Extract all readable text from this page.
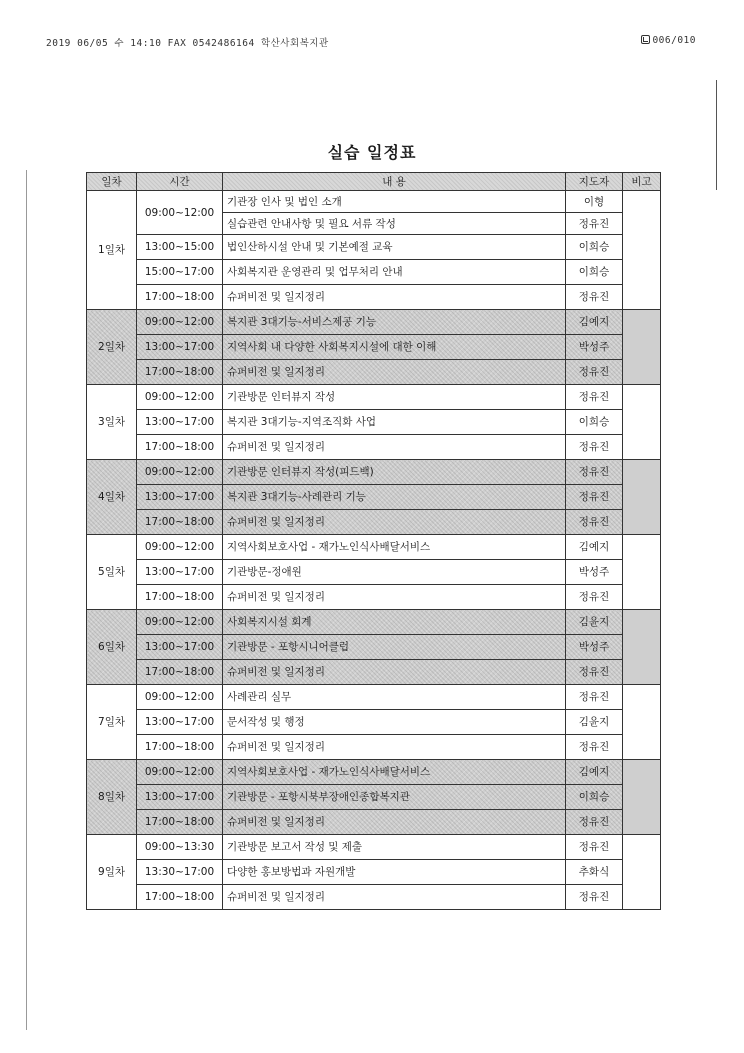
2019 06/05 수 14:10 FAX 0542486164 학산사회복지관	006/010
실습 일정표
일차	시간	내 용	지도자	비고
1일차	09:00~12:00	기관장 인사 및 법인 소개	이형	
		실습관련 안내사항 및 필요 서류 작성	정유진	
	13:00~15:00	법인산하시설 안내 및 기본예절 교육	이희승	
	15:00~17:00	사회복지관 운영관리 및 업무처리 안내	이희승	
	17:00~18:00	슈퍼비전 및 일지정리	정유진	
2일차	09:00~12:00	복지관 3대기능-서비스제공 기능	김예지	
	13:00~17:00	지역사회 내 다양한 사회복지시설에 대한 이해	박성주	
	17:00~18:00	슈퍼비전 및 일지정리	정유진	
3일차	09:00~12:00	기관방문 인터뷰지 작성	정유진	
	13:00~17:00	복지관 3대기능-지역조직화 사업	이희승	
	17:00~18:00	슈퍼비전 및 일지정리	정유진	
4일차	09:00~12:00	기관방문 인터뷰지 작성(피드백)	정유진	
	13:00~17:00	복지관 3대기능-사례관리 기능	정유진	
	17:00~18:00	슈퍼비전 및 일지정리	정유진	
5일차	09:00~12:00	지역사회보호사업 - 재가노인식사배달서비스	김예지	
	13:00~17:00	기관방문-정애원	박성주	
	17:00~18:00	슈퍼비전 및 일지정리	정유진	
6일차	09:00~12:00	사회복지시설 회계	김윤지	
	13:00~17:00	기관방문 - 포항시니어클럽	박성주	
	17:00~18:00	슈퍼비전 및 일지정리	정유진	
7일차	09:00~12:00	사례관리 실무	정유진	
	13:00~17:00	문서작성 및 행정	김윤지	
	17:00~18:00	슈퍼비전 및 일지정리	정유진	
8일차	09:00~12:00	지역사회보호사업 - 재가노인식사배달서비스	김예지	
	13:00~17:00	기관방문 - 포항시북부장애인종합복지관	이희승	
	17:00~18:00	슈퍼비전 및 일지정리	정유진	
9일차	09:00~13:30	기관방문 보고서 작성 및 제출	정유진	
	13:30~17:00	다양한 홍보방법과 자원개발	추화식	
	17:00~18:00	슈퍼비전 및 일지정리	정유진	
